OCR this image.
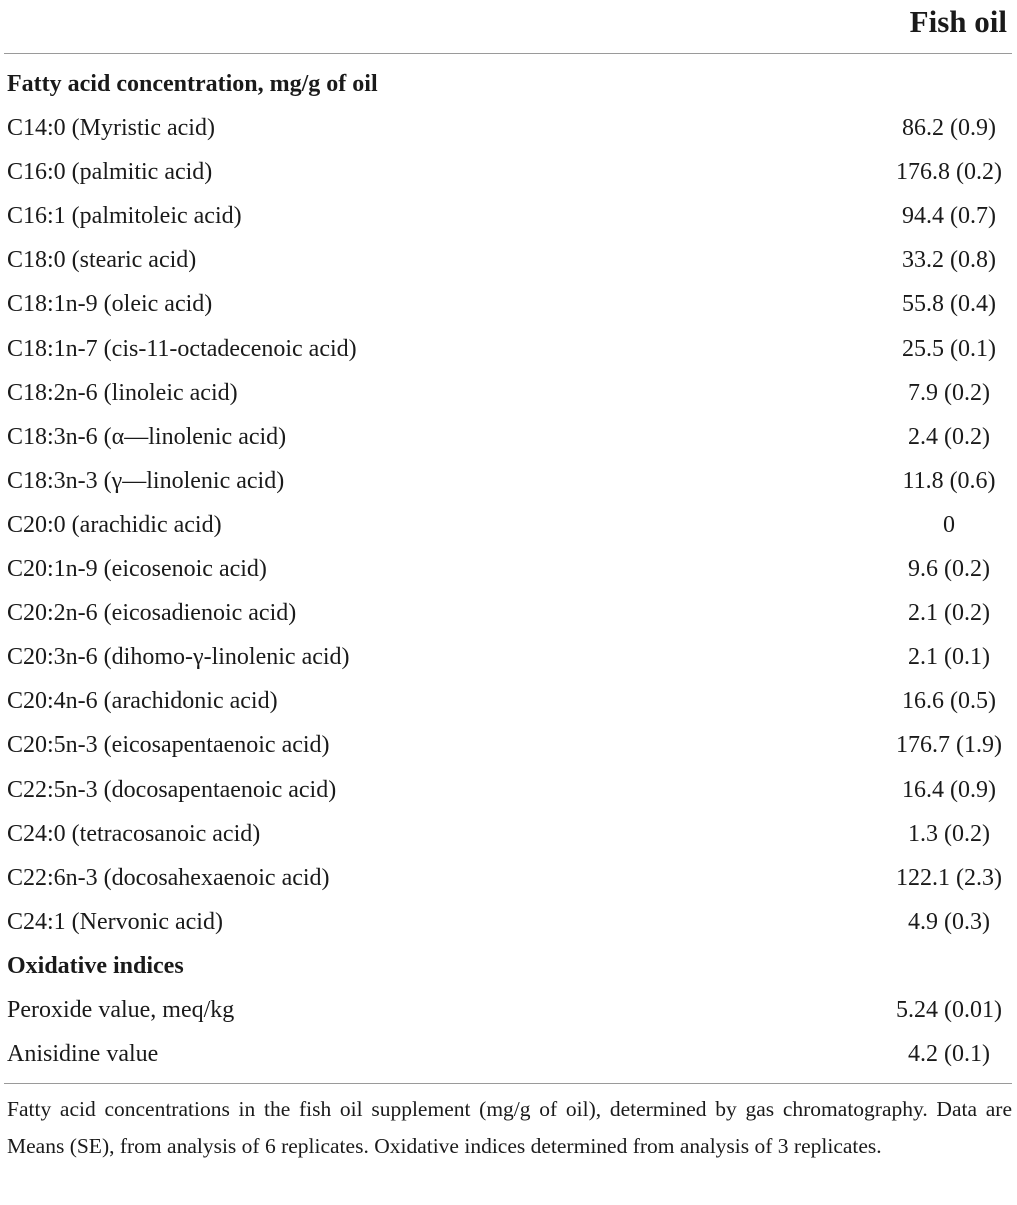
Fish oil
Fatty acid concentration, mg/g of oil
C14:0 (Myristic acid)	86.2 (0.9)
C16:0 (palmitic acid)	176.8 (0.2)
C16:1 (palmitoleic acid)	94.4 (0.7)
C18:0 (stearic acid)	33.2 (0.8)
C18:1n-9 (oleic acid)	55.8 (0.4)
C18:1n-7 (cis-11-octadecenoic acid)	25.5 (0.1)
C18:2n-6 (linoleic acid)	7.9 (0.2)
C18:3n-6 (α—linolenic acid)	2.4 (0.2)
C18:3n-3 (γ—linolenic acid)	11.8 (0.6)
C20:0 (arachidic acid)	0
C20:1n-9 (eicosenoic acid)	9.6 (0.2)
C20:2n-6 (eicosadienoic acid)	2.1 (0.2)
C20:3n-6 (dihomo-γ-linolenic acid)	2.1 (0.1)
C20:4n-6 (arachidonic acid)	16.6 (0.5)
C20:5n-3 (eicosapentaenoic acid)	176.7 (1.9)
C22:5n-3 (docosapentaenoic acid)	16.4 (0.9)
C24:0 (tetracosanoic acid)	1.3 (0.2)
C22:6n-3 (docosahexaenoic acid)	122.1 (2.3)
C24:1 (Nervonic acid)	4.9 (0.3)
Oxidative indices
Peroxide value, meq/kg	5.24 (0.01)
Anisidine value	4.2 (0.1)
Fatty acid concentrations in the fish oil supplement (mg/g of oil), determined by gas chromatography. Data are Means (SE), from analysis of 6 replicates. Oxidative indices determined from analysis of 3 replicates.
